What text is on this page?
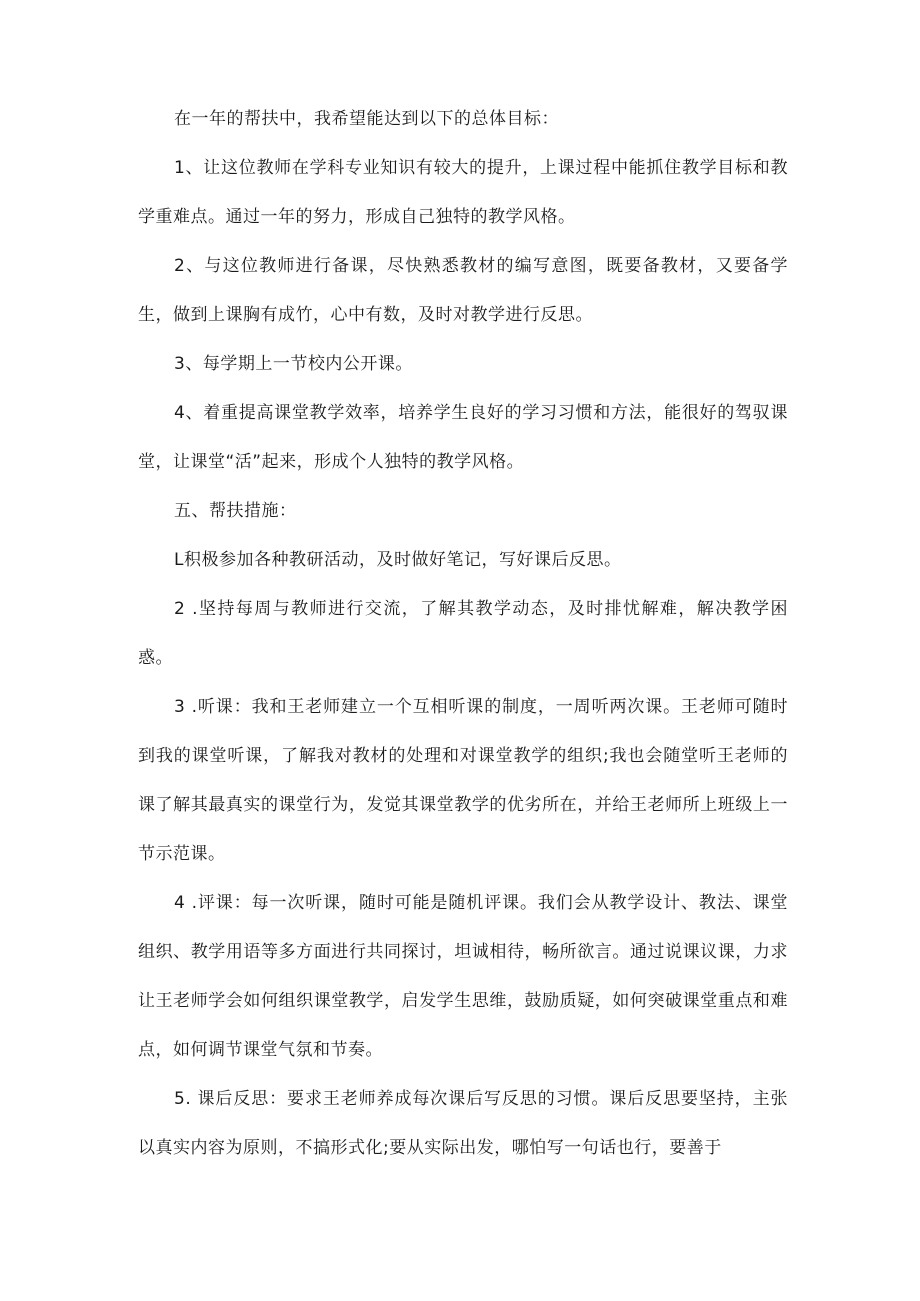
在一年的帮扶中，我希望能达到以下的总体目标：

1、让这位教师在学科专业知识有较大的提升，上课过程中能抓住教学目标和教学重难点。通过一年的努力，形成自己独特的教学风格。

2、与这位教师进行备课，尽快熟悉教材的编写意图，既要备教材，又要备学生，做到上课胸有成竹，心中有数，及时对教学进行反思。

3、每学期上一节校内公开课。

4、着重提高课堂教学效率，培养学生良好的学习习惯和方法，能很好的驾驭课堂，让课堂“活”起来，形成个人独特的教学风格。

五、帮扶措施：

L积极参加各种教研活动，及时做好笔记，写好课后反思。

2 .坚持每周与教师进行交流，了解其教学动态，及时排忧解难，解决教学困惑。

3 .听课：我和王老师建立一个互相听课的制度，一周听两次课。王老师可随时到我的课堂听课，了解我对教材的处理和对课堂教学的组织;我也会随堂听王老师的课了解其最真实的课堂行为，发觉其课堂教学的优劣所在，并给王老师所上班级上一节示范课。

4 .评课：每一次听课，随时可能是随机评课。我们会从教学设计、教法、课堂组织、教学用语等多方面进行共同探讨，坦诚相待，畅所欲言。通过说课议课，力求让王老师学会如何组织课堂教学，启发学生思维，鼓励质疑，如何突破课堂重点和难点，如何调节课堂气氛和节奏。

5. 课后反思：要求王老师养成每次课后写反思的习惯。课后反思要坚持，主张以真实内容为原则，不搞形式化;要从实际出发，哪怕写一句话也行，要善于
